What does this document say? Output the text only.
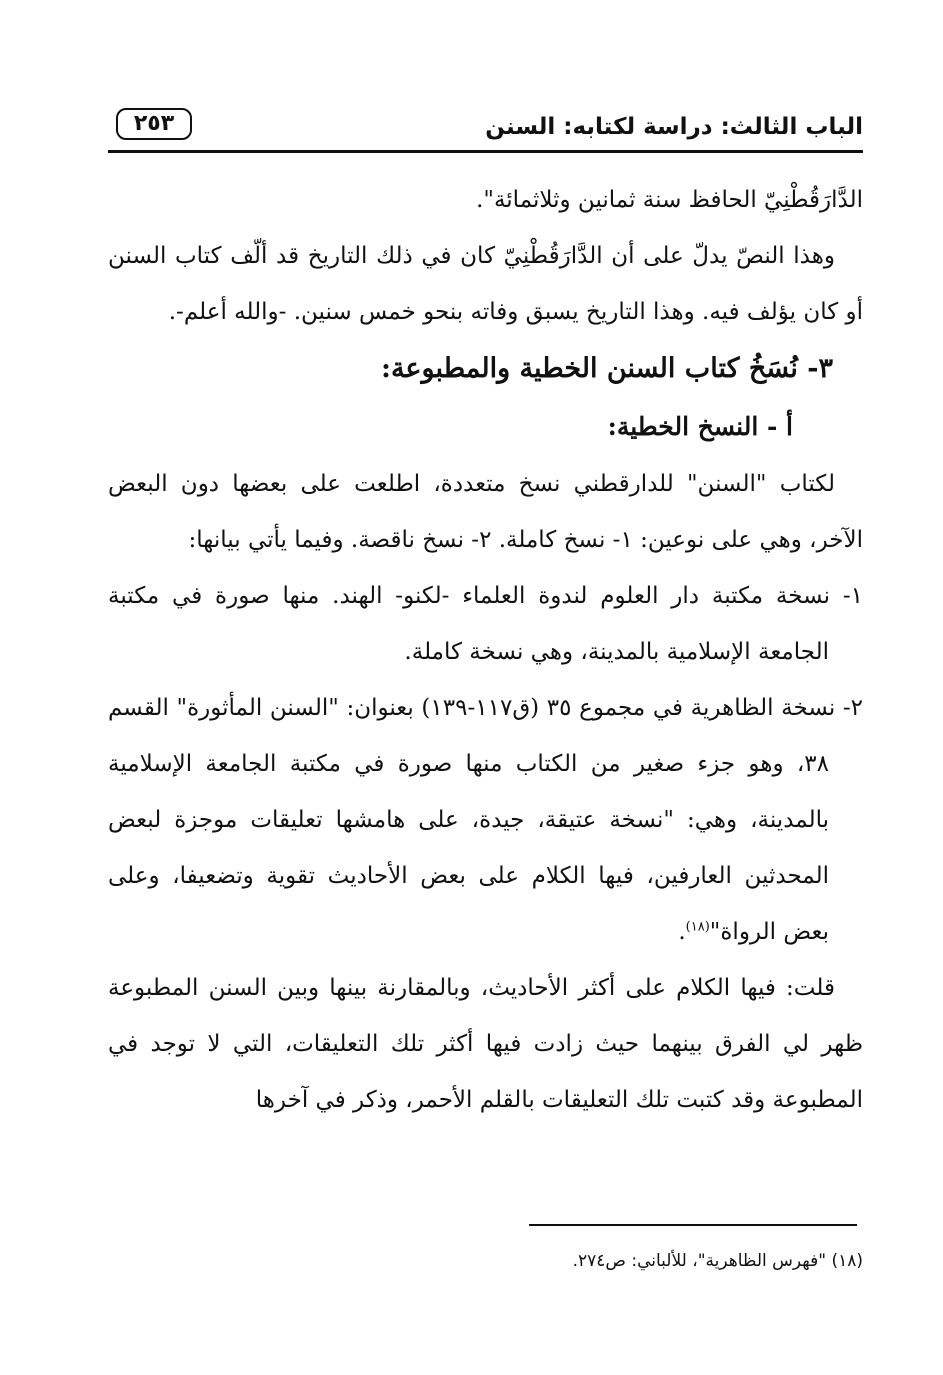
الباب الثالث: دراسة لكتابه: السنن
٢٥٣

الدَّارَقُطْنِيّ الحافظ سنة ثمانين وثلاثمائة".

وهذا النصّ يدلّ على أن الدَّارَقُطْنِيّ كان في ذلك التاريخ قد ألّف كتاب السنن أو كان يؤلف فيه. وهذا التاريخ يسبق وفاته بنحو خمس سنين. -والله أعلم-.

٣- نُسَخُ كتاب السنن الخطية والمطبوعة:

أ - النسخ الخطية:

لكتاب "السنن" للدارقطني نسخ متعددة، اطلعت على بعضها دون البعض الآخر، وهي على نوعين: ١- نسخ كاملة. ٢- نسخ ناقصة. وفيما يأتي بيانها:

١- نسخة مكتبة دار العلوم لندوة العلماء -لكنو- الهند. منها صورة في مكتبة الجامعة الإسلامية بالمدينة، وهي نسخة كاملة.

٢- نسخة الظاهرية في مجموع ٣٥ (ق١١٧-١٣٩) بعنوان: "السنن المأثورة" القسم ٣٨، وهو جزء صغير من الكتاب منها صورة في مكتبة الجامعة الإسلامية بالمدينة، وهي: "نسخة عتيقة، جيدة، على هامشها تعليقات موجزة لبعض المحدثين العارفين، فيها الكلام على بعض الأحاديث تقوية وتضعيفا، وعلى بعض الرواة"$^{(١٨)}$.

قلت: فيها الكلام على أكثر الأحاديث، وبالمقارنة بينها وبين السنن المطبوعة ظهر لي الفرق بينهما حيث زادت فيها أكثر تلك التعليقات، التي لا توجد في المطبوعة وقد كتبت تلك التعليقات بالقلم الأحمر، وذكر في آخرها

(١٨) "فهرس الظاهرية"، للألباني: ص٢٧٤.
